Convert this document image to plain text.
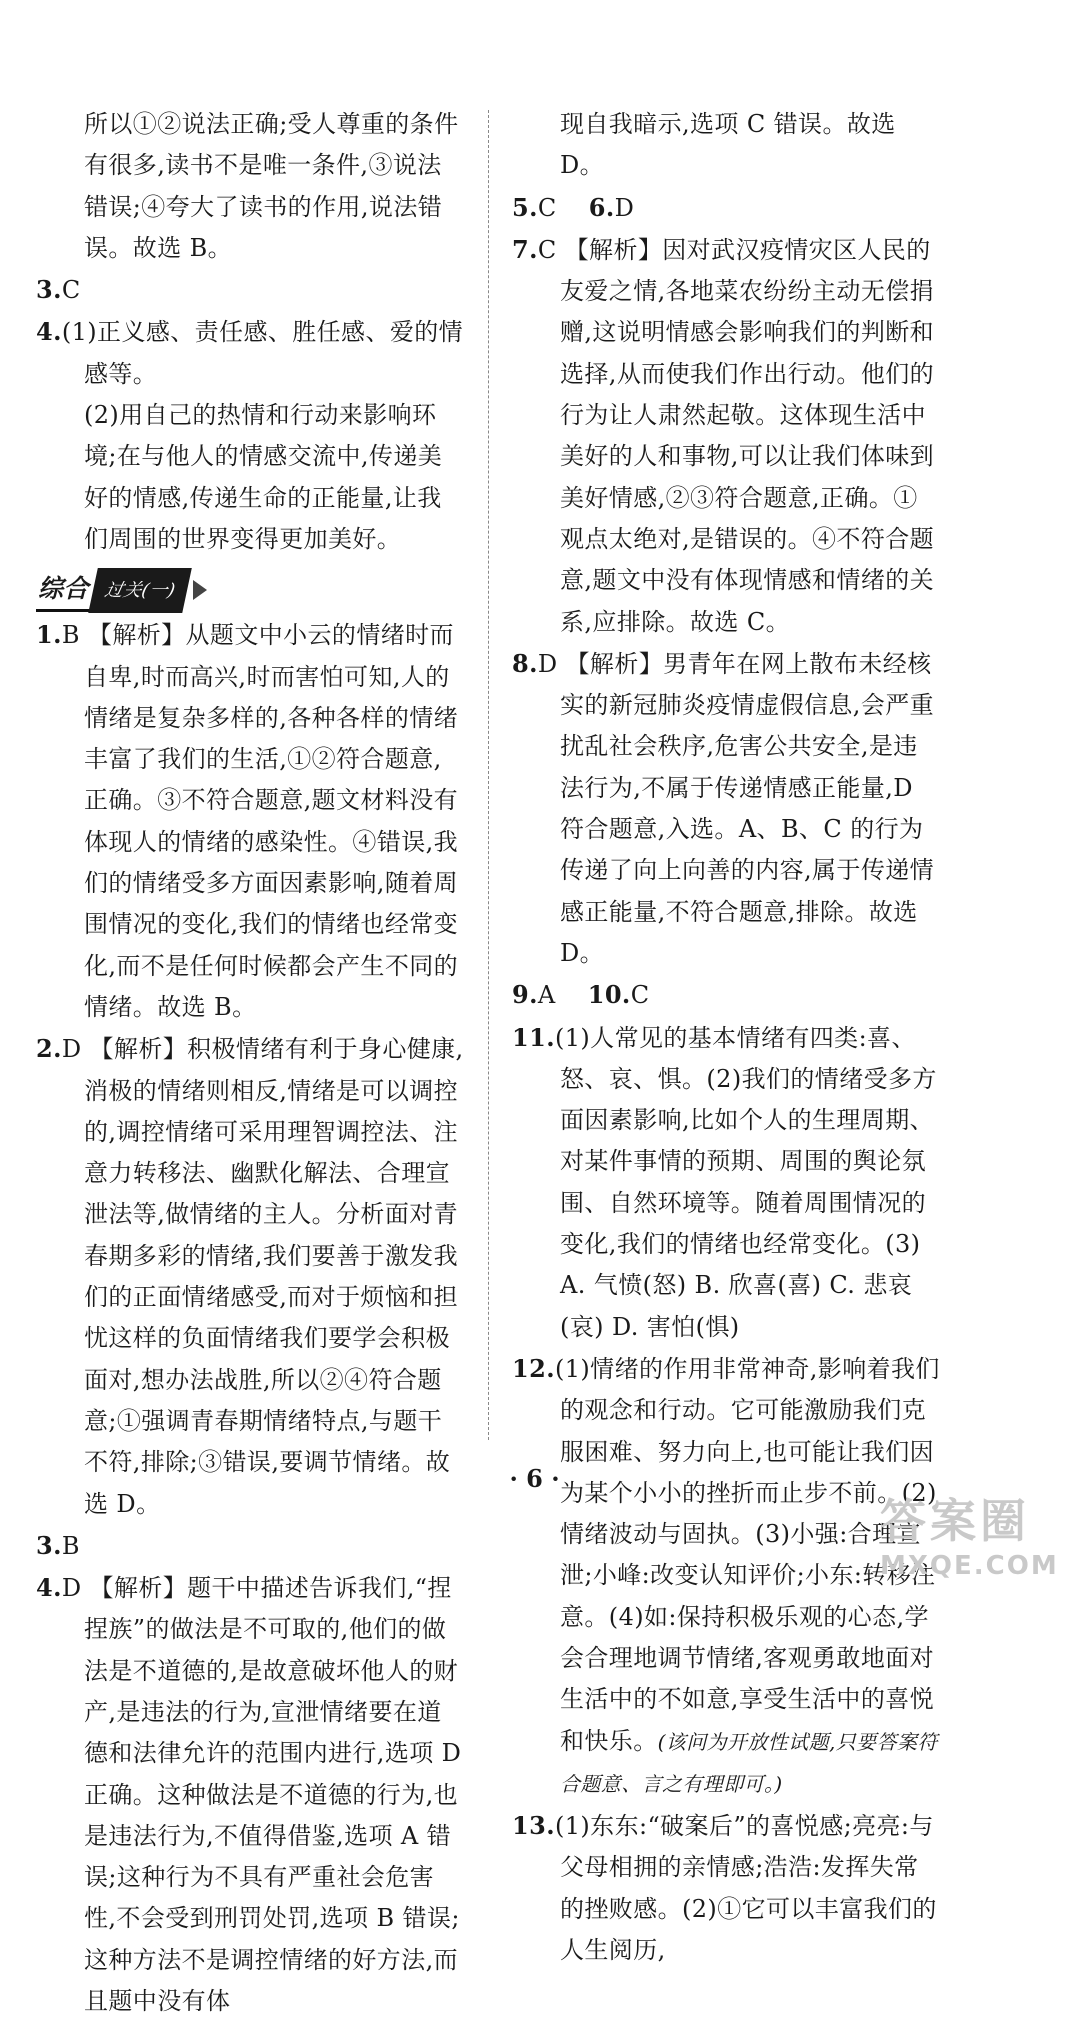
所以①②说法正确;受人尊重的条件有很多,读书不是唯一条件,③说法错误;④夸大了读书的作用,说法错误。故选 B。
3.C
4.(1)正义感、责任感、胜任感、爱的情感等。
(2)用自己的热情和行动来影响环境;在与他人的情感交流中,传递美好的情感,传递生命的正能量,让我们周围的世界变得更加美好。
综合 过关(一)
1.B 【解析】从题文中小云的情绪时而自卑,时而高兴,时而害怕可知,人的情绪是复杂多样的,各种各样的情绪丰富了我们的生活,①②符合题意,正确。③不符合题意,题文材料没有体现人的情绪的感染性。④错误,我们的情绪受多方面因素影响,随着周围情况的变化,我们的情绪也经常变化,而不是任何时候都会产生不同的情绪。故选 B。
2.D 【解析】积极情绪有利于身心健康,消极的情绪则相反,情绪是可以调控的,调控情绪可采用理智调控法、注意力转移法、幽默化解法、合理宣泄法等,做情绪的主人。分析面对青春期多彩的情绪,我们要善于激发我们的正面情绪感受,而对于烦恼和担忧这样的负面情绪我们要学会积极面对,想办法战胜,所以②④符合题意;①强调青春期情绪特点,与题干不符,排除;③错误,要调节情绪。故选 D。
3.B
4.D 【解析】题干中描述告诉我们,“捏捏族”的做法是不可取的,他们的做法是不道德的,是故意破坏他人的财产,是违法的行为,宣泄情绪要在道德和法律允许的范围内进行,选项 D 正确。这种做法是不道德的行为,也是违法行为,不值得借鉴,选项 A 错误;这种行为不具有严重社会危害性,不会受到刑罚处罚,选项 B 错误;这种方法不是调控情绪的好方法,而且题中没有体
现自我暗示,选项 C 错误。故选 D。
5.C 6.D
7.C 【解析】因对武汉疫情灾区人民的友爱之情,各地菜农纷纷主动无偿捐赠,这说明情感会影响我们的判断和选择,从而使我们作出行动。他们的行为让人肃然起敬。这体现生活中美好的人和事物,可以让我们体味到美好情感,②③符合题意,正确。①观点太绝对,是错误的。④不符合题意,题文中没有体现情感和情绪的关系,应排除。故选 C。
8.D 【解析】男青年在网上散布未经核实的新冠肺炎疫情虚假信息,会严重扰乱社会秩序,危害公共安全,是违法行为,不属于传递情感正能量,D 符合题意,入选。A、B、C 的行为传递了向上向善的内容,属于传递情感正能量,不符合题意,排除。故选 D。
9.A 10.C
11.(1)人常见的基本情绪有四类:喜、怒、哀、惧。(2)我们的情绪受多方面因素影响,比如个人的生理周期、对某件事情的预期、周围的舆论氛围、自然环境等。随着周围情况的变化,我们的情绪也经常变化。(3) A. 气愤(怒) B. 欣喜(喜) C. 悲哀(哀) D. 害怕(惧)
12.(1)情绪的作用非常神奇,影响着我们的观念和行动。它可能激励我们克服困难、努力向上,也可能让我们因为某个小小的挫折而止步不前。(2)情绪波动与固执。(3)小强:合理宣泄;小峰:改变认知评价;小东:转移注意。(4)如:保持积极乐观的心态,学会合理地调节情绪,客观勇敢地面对生活中的不如意,享受生活中的喜悦和快乐。(该问为开放性试题,只要答案符合题意、言之有理即可。)
13.(1)东东:“破案后”的喜悦感;亮亮:与父母相拥的亲情感;浩浩:发挥失常的挫败感。(2)①它可以丰富我们的人生阅历,
· 6 ·
答案圈
MXQE.COM
